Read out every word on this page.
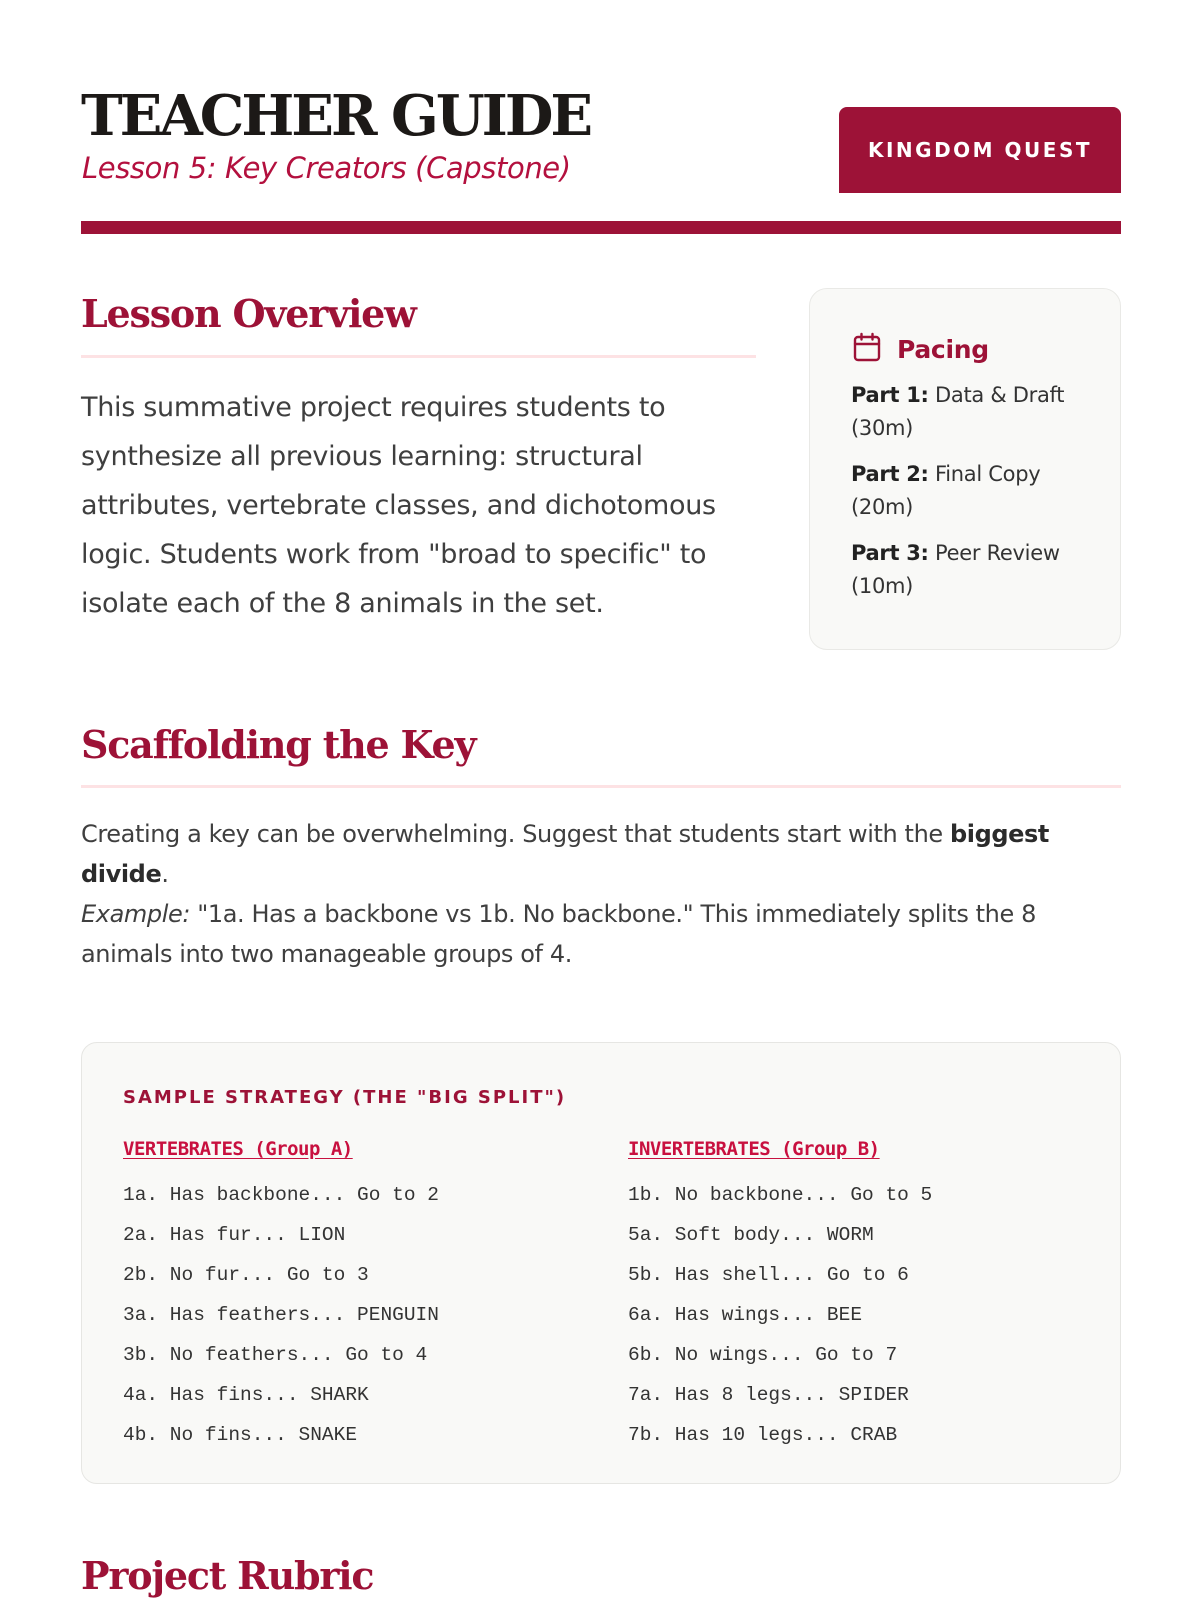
TEACHER GUIDE
Lesson 5: Key Creators (Capstone)
KINGDOM QUEST
Lesson Overview

This summative project requires students to synthesize all previous learning: structural attributes, vertebrate classes, and dichotomous logic. Students work from "broad to specific" to isolate each of the 8 animals in the set.

Pacing
Part 1: Data & Draft (30m)
Part 2: Final Copy (20m)
Part 3: Peer Review (10m)
Scaffolding the Key
Creating a key can be overwhelming. Suggest that students start with the biggest divide.
Example: "1a. Has a backbone vs 1b. No backbone." This immediately splits the 8 animals into two manageable groups of 4.
SAMPLE STRATEGY (THE "BIG SPLIT")
VERTEBRATES (Group A)
1a. Has backbone... Go to 2
2a. Has fur... LION
2b. No fur... Go to 3
3a. Has feathers... PENGUIN
3b. No feathers... Go to 4
4a. Has fins... SHARK
4b. No fins... SNAKE
INVERTEBRATES (Group B)
1b. No backbone... Go to 5
5a. Soft body... WORM
5b. Has shell... Go to 6
6a. Has wings... BEE
6b. No wings... Go to 7
7a. Has 8 legs... SPIDER
7b. Has 10 legs... CRAB
Project Rubric
